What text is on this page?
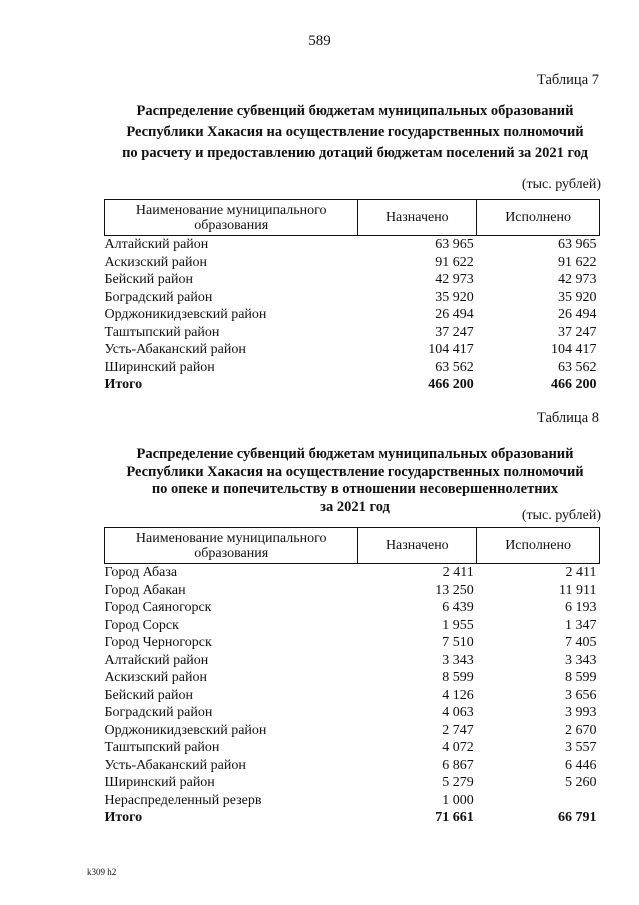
589
Таблица 7
Распределение субвенций бюджетам муниципальных образований
Республики Хакасия на осуществление государственных полномочий
по расчету и предоставлению дотаций бюджетам поселений за 2021 год
(тыс. рублей)
Наименование муниципального образования	Назначено	Исполнено
Алтайский район	63 965	63 965
Аскизский район	91 622	91 622
Бейский район	42 973	42 973
Боградский район	35 920	35 920
Орджоникидзевский район	26 494	26 494
Таштыпский район	37 247	37 247
Усть-Абаканский район	104 417	104 417
Ширинский район	63 562	63 562
Итого	466 200	466 200
Таблица 8
Распределение субвенций бюджетам муниципальных образований
Республики Хакасия на осуществление государственных полномочий
по опеке и попечительству в отношении несовершеннолетних
за 2021 год
(тыс. рублей)
Наименование муниципального образования	Назначено	Исполнено
Город Абаза	2 411	2 411
Город Абакан	13 250	11 911
Город Саяногорск	6 439	6 193
Город Сорск	1 955	1 347
Город Черногорск	7 510	7 405
Алтайский район	3 343	3 343
Аскизский район	8 599	8 599
Бейский район	4 126	3 656
Боградский район	4 063	3 993
Орджоникидзевский район	2 747	2 670
Таштыпский район	4 072	3 557
Усть-Абаканский район	6 867	6 446
Ширинский район	5 279	5 260
Нераспределенный резерв	1 000	
Итого	71 661	66 791
k309 h2
